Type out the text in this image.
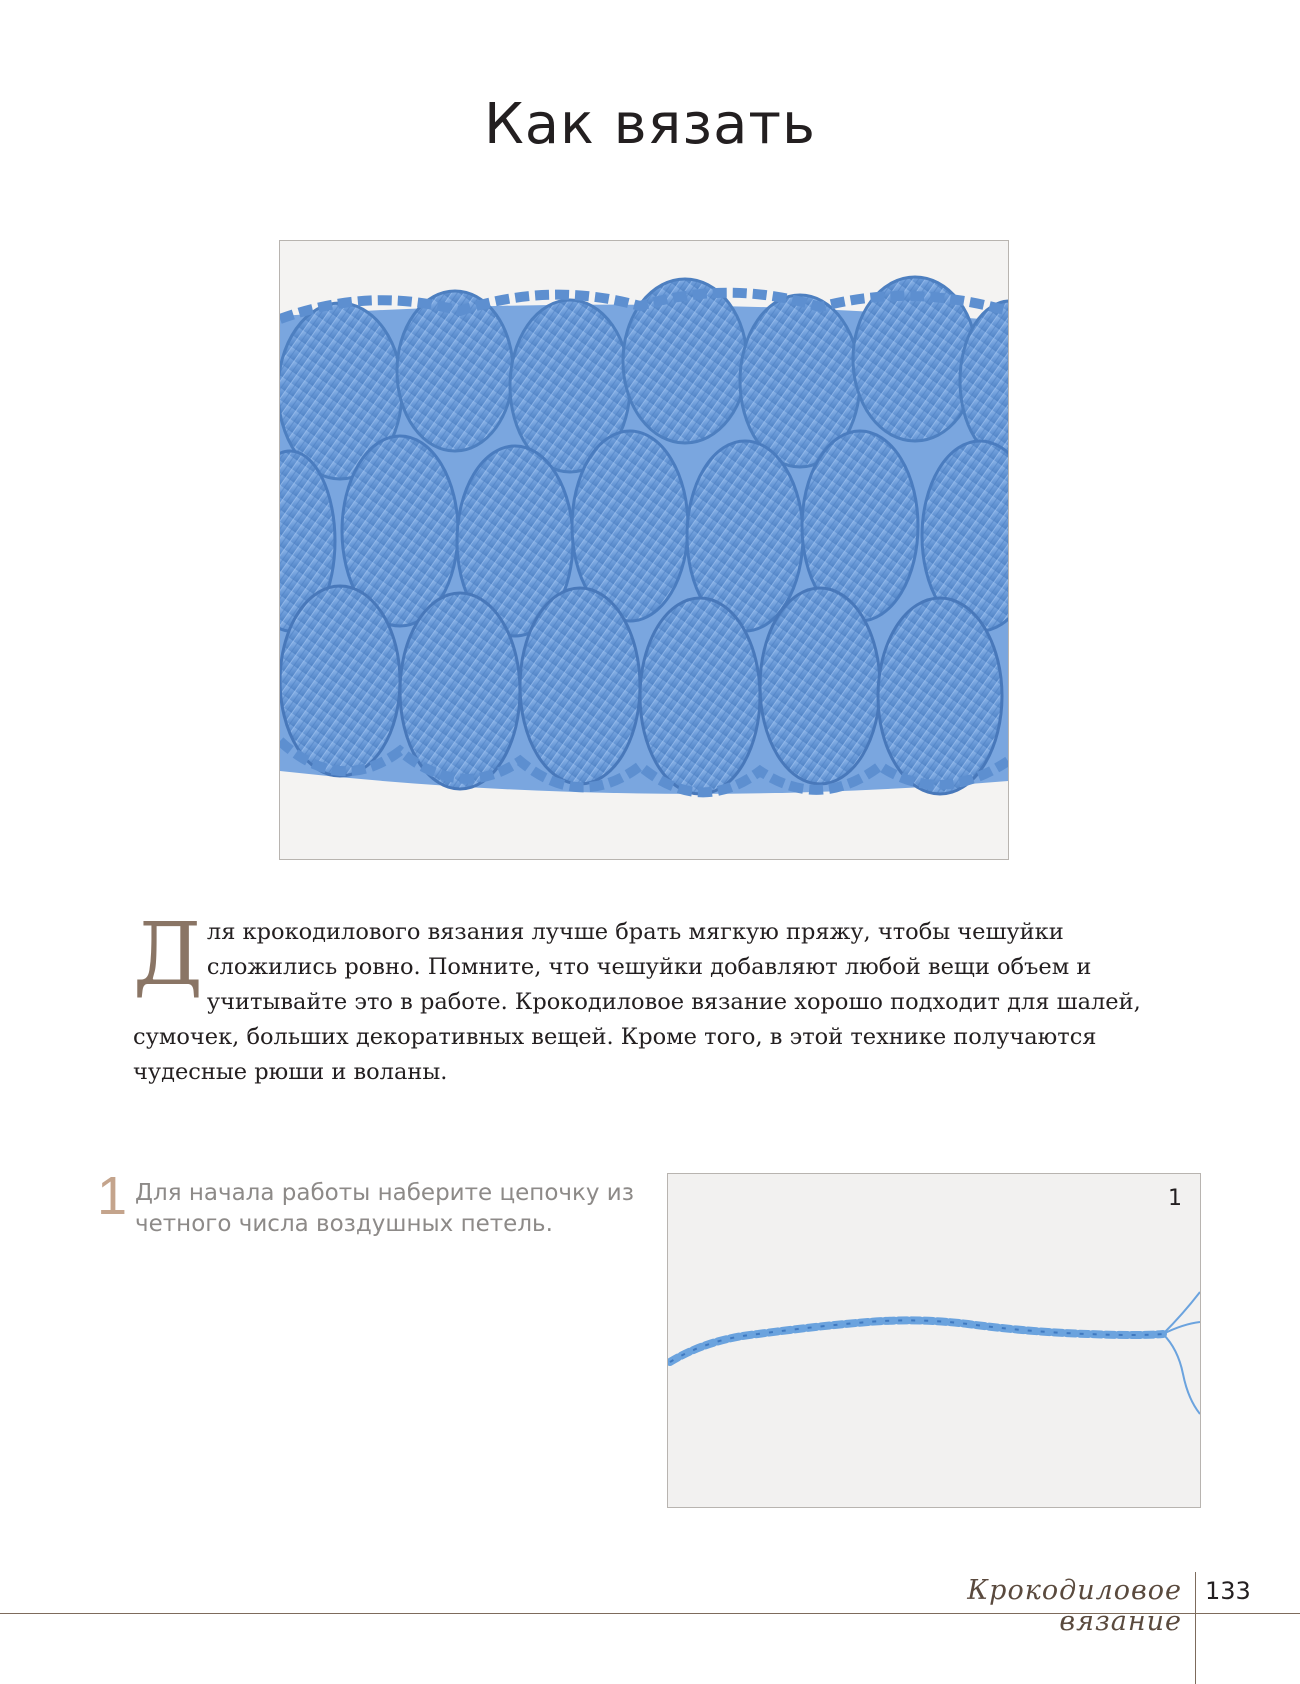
Как вязать
Д ля крокодилового вязания лучше брать мягкую пряжу, чтобы чешуйки сложились ровно. Помните, что чешуйки добавляют любой вещи объем и учитывайте это в работе. Крокодиловое вязание хорошо подходит для шалей, сумочек, больших декоративных вещей. Кроме того, в этой технике получаются чудесные рюши и воланы.

1 Для начала работы наберите цепочку из четного числа воздушных петель.

1
Крокодиловое вязание
133
